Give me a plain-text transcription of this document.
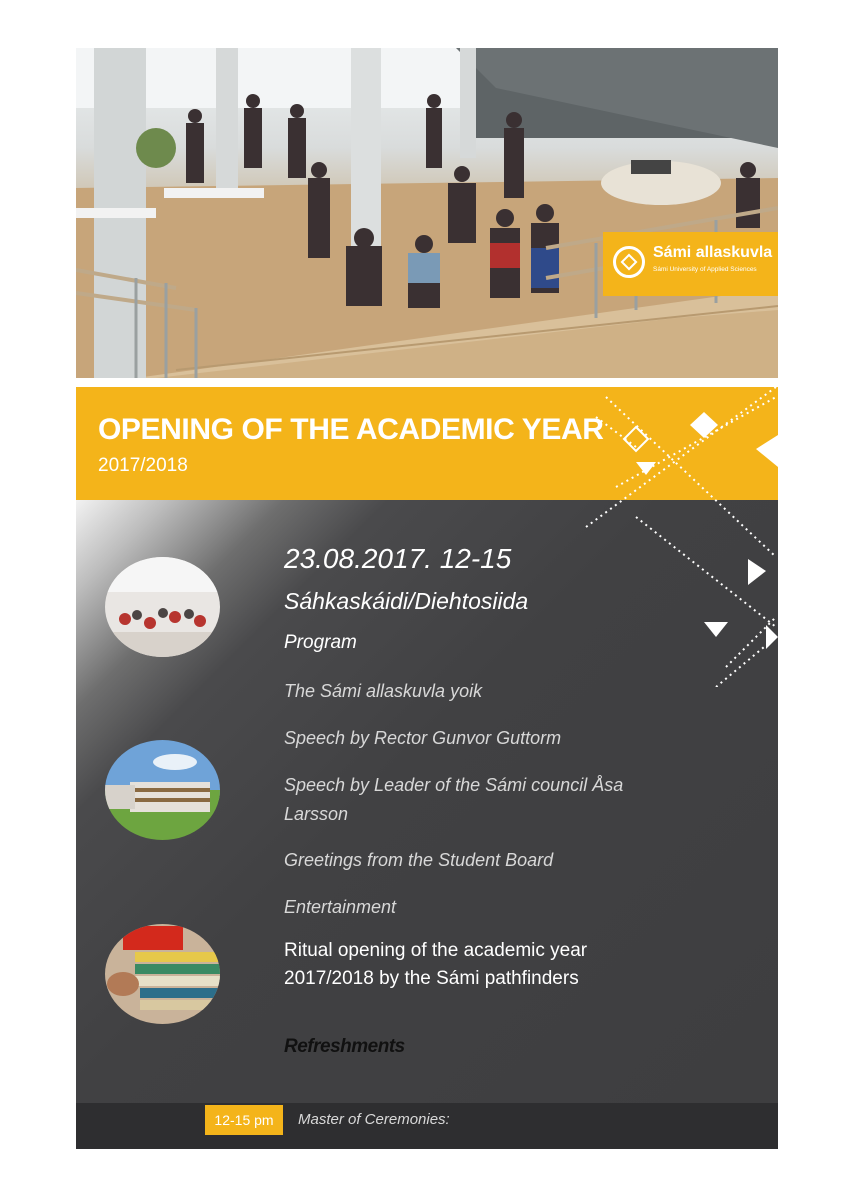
Sámi allaskuvla
Sámi University of Applied Sciences
OPENING OF THE ACADEMIC YEAR
2017/2018
23.08.2017. 12-15
Sáhkaskáidi/Diehtosiida
Program
The Sámi allaskuvla yoik
Speech by Rector Gunvor Guttorm
Speech by Leader of the Sámi council Åsa
Larsson
Greetings from the Student Board
Entertainment
Ritual opening of the academic year
2017/2018 by the Sámi pathfinders
Refreshments
12-15 pm	Master of Ceremonies:
